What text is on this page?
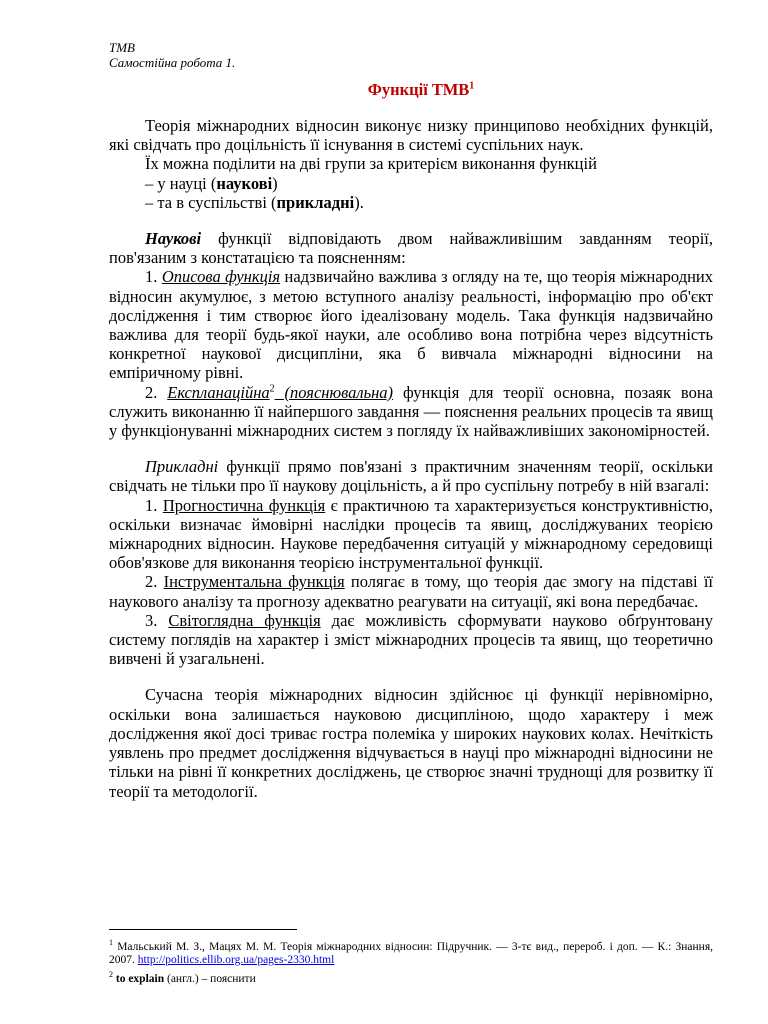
ТМВ
Самостійна робота 1.
Функції ТМВ$^1$

Теорія міжнародних відносин виконує низку принципово необхідних функцій, які свідчать про доцільність її існування в системі суспільних наук.

Їх можна поділити на дві групи за критерієм виконання функцій

– у науці (наукові)

– та в суспільстві (прикладні).

Наукові функції відповідають двом найважливішим завданням теорії, пов'язаним з констатацією та поясненням:

1. Описова функція надзвичайно важлива з огляду на те, що теорія міжнародних відносин акумулює, з метою вступного аналізу реальності, інформацію про об'єкт дослідження і тим створює його ідеалізовану модель. Така функція надзвичайно важлива для теорії будь-якої науки, але особливо вона потрібна через відсутність конкретної наукової дисципліни, яка б вивчала міжнародні відносини на емпіричному рівні.

2. Експланаційна$^2$ (пояснювальна) функція для теорії основна, позаяк вона служить виконанню її найпершого завдання — пояснення реальних процесів та явищ у функціонуванні міжнародних систем з погляду їх найважливіших закономірностей.

Прикладні функції прямо пов'язані з практичним значенням теорії, оскільки свідчать не тільки про її наукову доцільність, а й про суспільну потребу в ній взагалі:

1. Прогностична функція є практичною та характеризується конструктивністю, оскільки визначає ймовірні наслідки процесів та явищ, досліджуваних теорією міжнародних відносин. Наукове передбачення ситуацій у міжнародному середовищі обов'язкове для виконання теорією інструментальної функції.

2. Інструментальна функція полягає в тому, що теорія дає змогу на підставі її наукового аналізу та прогнозу адекватно реагувати на ситуації, які вона передбачає.

3. Світоглядна функція дає можливість сформувати науково обґрунтовану систему поглядів на характер і зміст міжнародних процесів та явищ, що теоретично вивчені й узагальнені.

Сучасна теорія міжнародних відносин здійснює ці функції нерівномірно, оскільки вона залишається науковою дисципліною, щодо характеру і меж дослідження якої досі триває гостра полеміка у широких наукових колах. Нечіткість уявлень про предмет дослідження відчувається в науці про міжнародні відносини не тільки на рівні її конкретних досліджень, це створює значні труднощі для розвитку її теорії та методології.

$^1$ Мальський М. З., Мацях М. М. Теорія міжнародних відносин: Підручник. — 3-тє вид., перероб. і доп. — К.: Знання, 2007. http://politics.ellib.org.ua/pages-2330.html
$^2$ to explain (англ.) – пояснити
